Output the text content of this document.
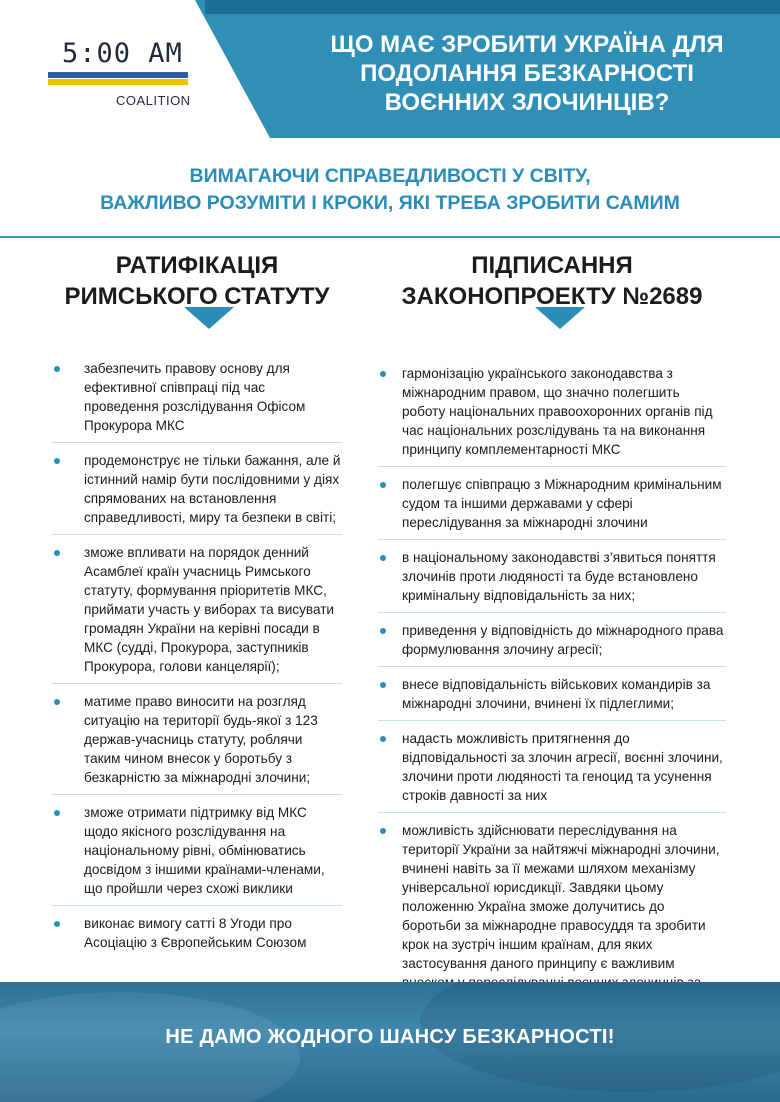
5:00 AM
COALITION
ЩО МАЄ ЗРОБИТИ УКРАЇНА ДЛЯ
ПОДОЛАННЯ БЕЗКАРНОСТІ
ВОЄННИХ ЗЛОЧИНЦІВ?
ВИМАГАЮЧИ СПРАВЕДЛИВОСТІ У СВІТУ,
ВАЖЛИВО РОЗУМІТИ І КРОКИ, ЯКІ ТРЕБА ЗРОБИТИ САМИМ
РАТИФІКАЦІЯ
РИМСЬКОГО СТАТУТУ
забезпечить правову основу для ефективної співпраці під час проведення розслідування Офісом Прокурора МКС
продемонструє не тільки бажання, але й істинний намір бути послідовними у діях спрямованих на встановлення справедливості, миру та безпеки в світі;
зможе впливати на порядок денний Асамблеї країн учасниць Римського статуту, формування пріоритетів МКС, приймати участь у виборах та висувати громадян України на керівні посади в МКС (судді, Прокурора, заступників Прокурора, голови канцелярії);
матиме право виносити на розгляд ситуацію на території будь-якої з 123 держав-учасниць статуту, роблячи таким чином внесок у боротьбу з безкарністю за міжнародні злочини;
зможе отримати підтримку від МКС щодо якісного розслідування на національному рівні, обмінюватись досвідом з іншими країнами-членами, що пройшли через схожі виклики
виконає вимогу сатті 8 Угоди про Асоціацію з Європейським Союзом
ПІДПИСАННЯ
ЗАКОНОПРОЕКТУ №2689
гармонізацію українського законодавства з міжнародним правом, що значно полегшить роботу національних правоохоронних органів під час національних розслідувань та на виконання принципу комплементарності МКС
полегшує співпрацю з Міжнародним кримінальним судом та іншими державами у сфері переслідування за міжнародні злочини
в національному законодавстві з’явиться поняття злочинів проти людяності та буде встановлено кримінальну відповідальність за них;
приведення у відповідність до міжнародного права формулювання злочину агресії;
внесе відповідальність військових командирів за міжнародні злочини, вчинені їх підлеглими;
надасть можливість притягнення до відповідальності за злочин агресії, воєнні злочини, злочини проти людяності та геноцид та усунення строків давності за них
можливість здійснювати переслідування на території України за найтяжчі міжнародні злочини, вчинені навіть за її межами шляхом механізму універсальної юрисдикції. Завдяки цьому положенню Україна зможе долучитись до боротьби за міжнародне правосуддя та зробити крок на зустріч іншим країнам, для яких застосування даного принципу є важливим

НЕ ДАМО ЖОДНОГО ШАНСУ БЕЗКАРНОСТІ!
